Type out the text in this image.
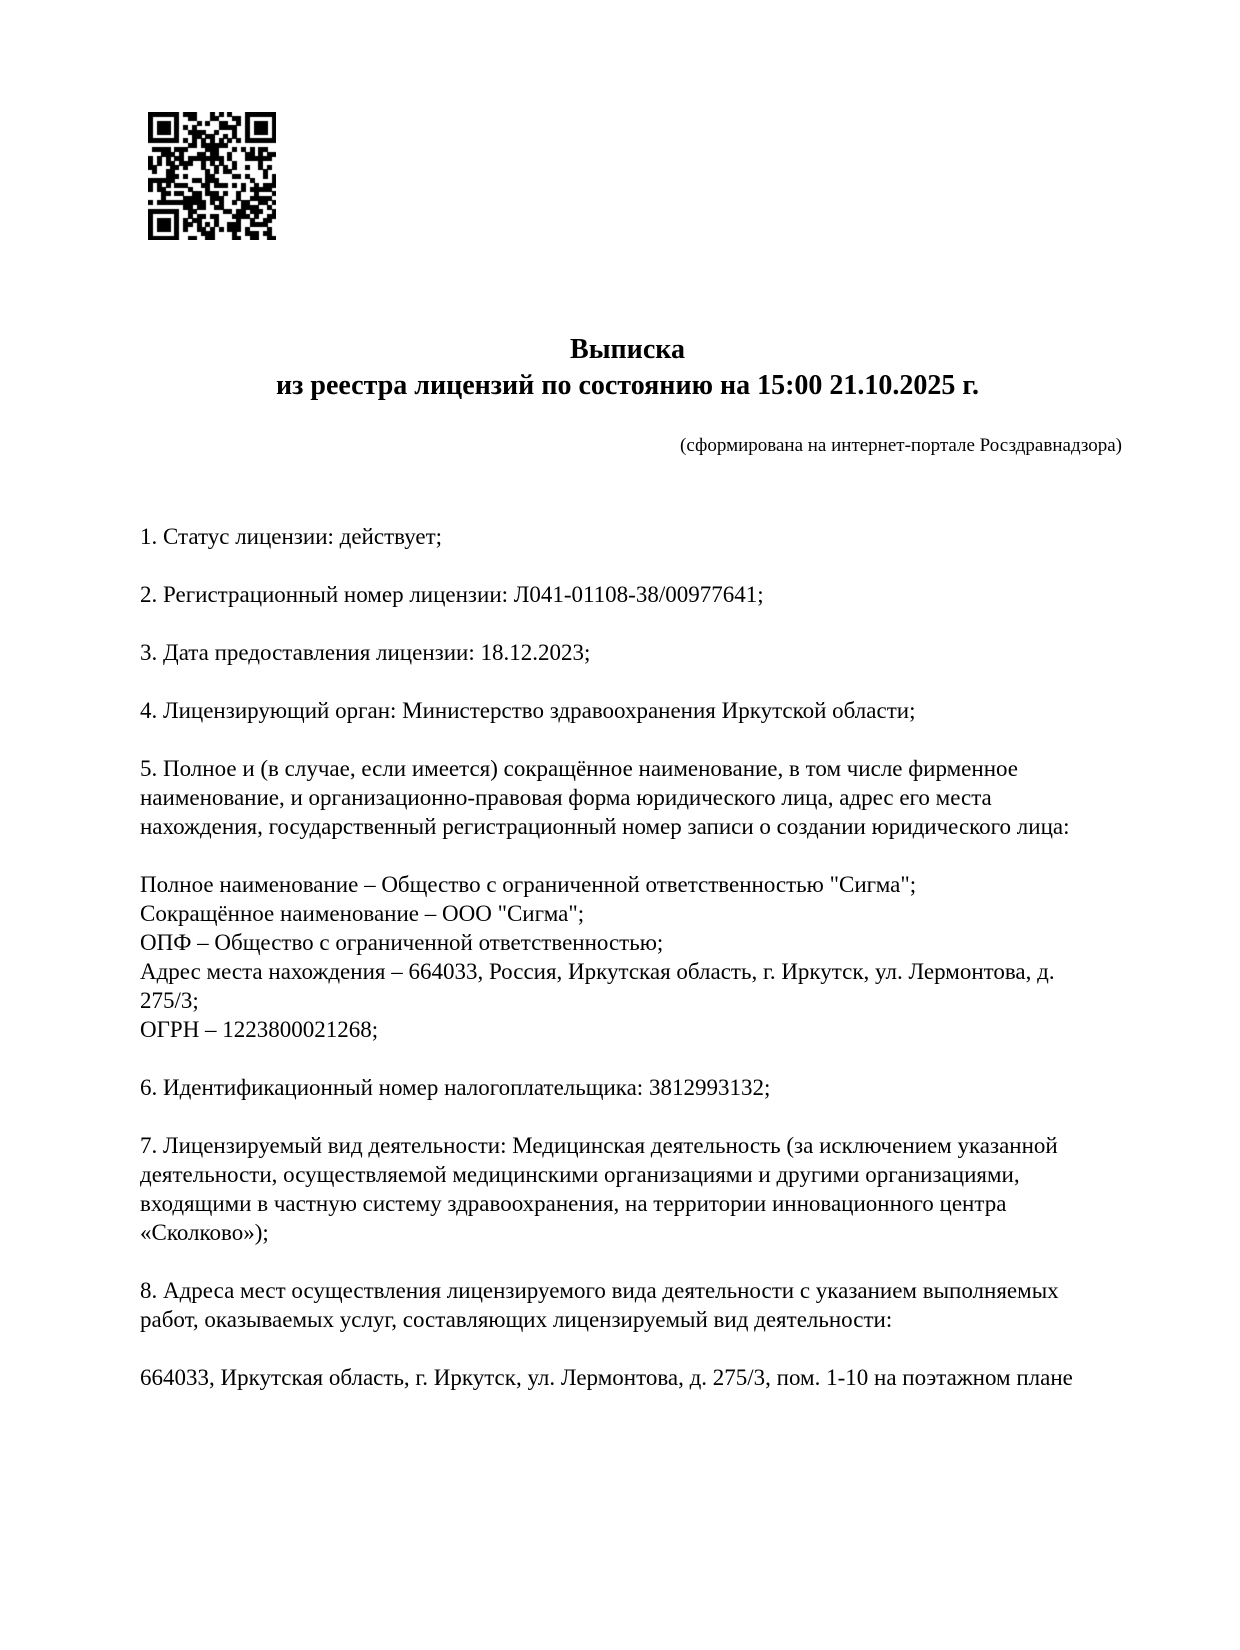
Выписка
из реестра лицензий по состоянию на 15:00 21.10.2025 г.
(сформирована на интернет-портале Росздравнадзора)

1. Статус лицензии: действует;

2. Регистрационный номер лицензии: Л041-01108-38/00977641;

3. Дата предоставления лицензии: 18.12.2023;

4. Лицензирующий орган: Министерство здравоохранения Иркутской области;

5. Полное и (в случае, если имеется) сокращённое наименование, в том числе фирменное наименование, и организационно-правовая форма юридического лица, адрес его места нахождения, государственный регистрационный номер записи о создании юридического лица:

Полное наименование – Общество с ограниченной ответственностью "Сигма";
Сокращённое наименование – ООО "Сигма";
ОПФ – Общество с ограниченной ответственностью;
Адрес места нахождения – 664033, Россия, Иркутская область, г. Иркутск, ул. Лермонтова, д. 275/3;
ОГРН – 1223800021268;

6. Идентификационный номер налогоплательщика: 3812993132;

7. Лицензируемый вид деятельности: Медицинская деятельность (за исключением указанной деятельности, осуществляемой медицинскими организациями и другими организациями, входящими в частную систему здравоохранения, на территории инновационного центра «Сколково»);

8. Адреса мест осуществления лицензируемого вида деятельности с указанием выполняемых работ, оказываемых услуг, составляющих лицензируемый вид деятельности:

664033, Иркутская область, г. Иркутск, ул. Лермонтова, д. 275/3, пом. 1-10 на поэтажном плане
